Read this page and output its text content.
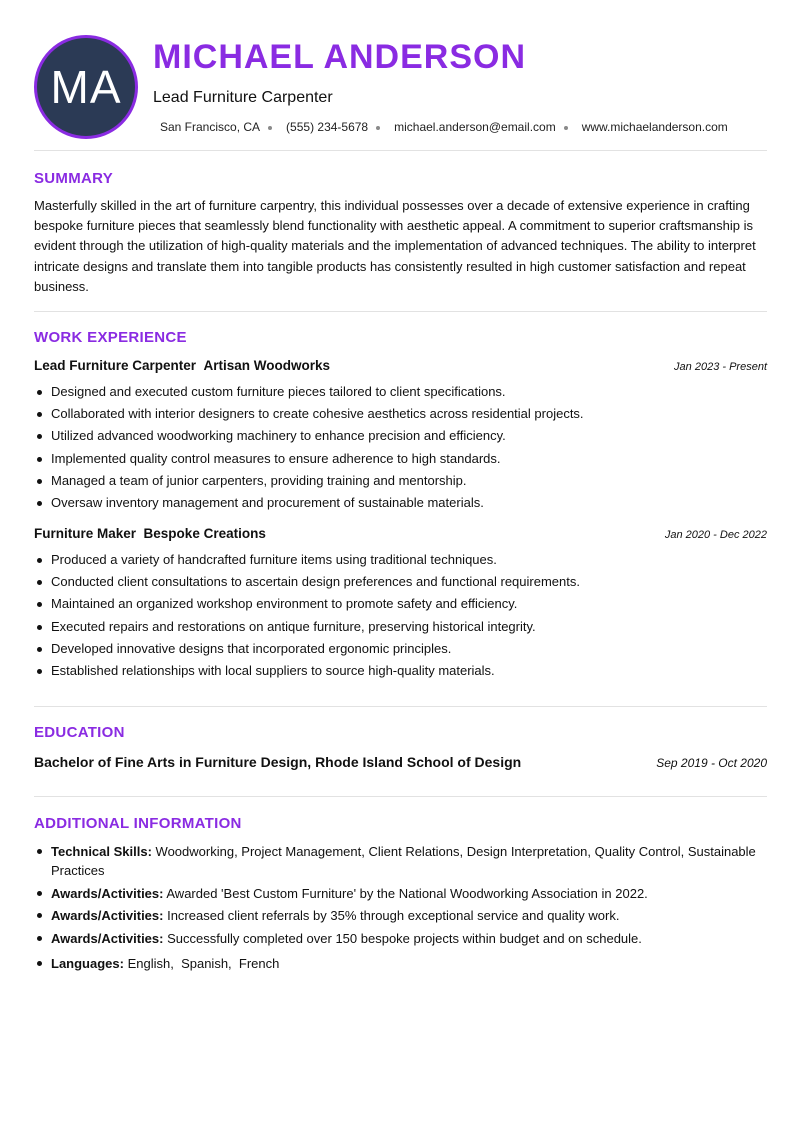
MA
MICHAEL ANDERSON
Lead Furniture Carpenter
San Francisco, CA (555) 234-5678 michael.anderson@email.com www.michaelanderson.com
SUMMARY
Masterfully skilled in the art of furniture carpentry, this individual possesses over a decade of extensive experience in crafting bespoke furniture pieces that seamlessly blend functionality with aesthetic appeal. A commitment to superior craftsmanship is evident through the utilization of high-quality materials and the implementation of advanced techniques. The ability to interpret intricate designs and translate them into tangible products has consistently resulted in high customer satisfaction and repeat business.
WORK EXPERIENCE
Lead Furniture Carpenter Artisan Woodworks	Jan 2023 - Present
Designed and executed custom furniture pieces tailored to client specifications.
Collaborated with interior designers to create cohesive aesthetics across residential projects.
Utilized advanced woodworking machinery to enhance precision and efficiency.
Implemented quality control measures to ensure adherence to high standards.
Managed a team of junior carpenters, providing training and mentorship.
Oversaw inventory management and procurement of sustainable materials.
Furniture Maker Bespoke Creations	Jan 2020 - Dec 2022
Produced a variety of handcrafted furniture items using traditional techniques.
Conducted client consultations to ascertain design preferences and functional requirements.
Maintained an organized workshop environment to promote safety and efficiency.
Executed repairs and restorations on antique furniture, preserving historical integrity.
Developed innovative designs that incorporated ergonomic principles.
Established relationships with local suppliers to source high-quality materials.
EDUCATION
Bachelor of Fine Arts in Furniture Design, Rhode Island School of Design	Sep 2019 - Oct 2020
ADDITIONAL INFORMATION
Technical Skills: Woodworking, Project Management, Client Relations, Design Interpretation, Quality Control, Sustainable Practices
Awards/Activities: Awarded 'Best Custom Furniture' by the National Woodworking Association in 2022.
Awards/Activities: Increased client referrals by 35% through exceptional service and quality work.
Awards/Activities: Successfully completed over 150 bespoke projects within budget and on schedule.
Languages: English,  Spanish,  French
